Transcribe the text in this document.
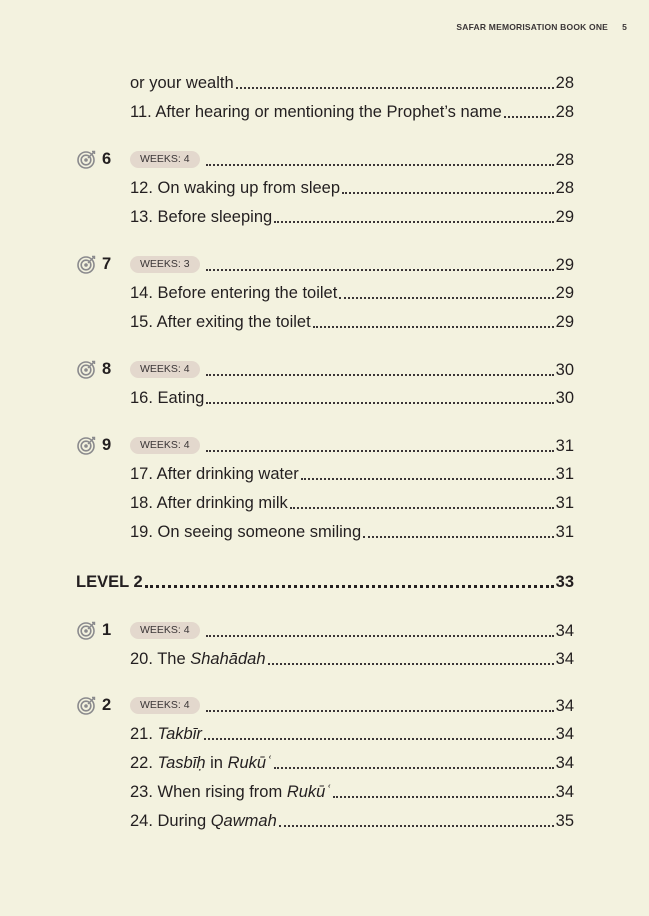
SAFAR MEMORISATION BOOK ONE 5
or your wealth	28
11. After hearing or mentioning the Prophet’s name	28
6	WEEKS: 4	28
12. On waking up from sleep	28
13. Before sleeping	29
7	WEEKS: 3	29
14. Before entering the toilet	29
15. After exiting the toilet	29
8	WEEKS: 4	30
16. Eating	30
9	WEEKS: 4	31
17. After drinking water	31
18. After drinking milk	31
19. On seeing someone smiling	31
LEVEL 2	33
1	WEEKS: 4	34
20. The Shahādah	34
2	WEEKS: 4	34
21. Takbīr	34
22. Tasbīḥ in Rukūʿ	34
23. When rising from Rukūʿ	34
24. During Qawmah	35
